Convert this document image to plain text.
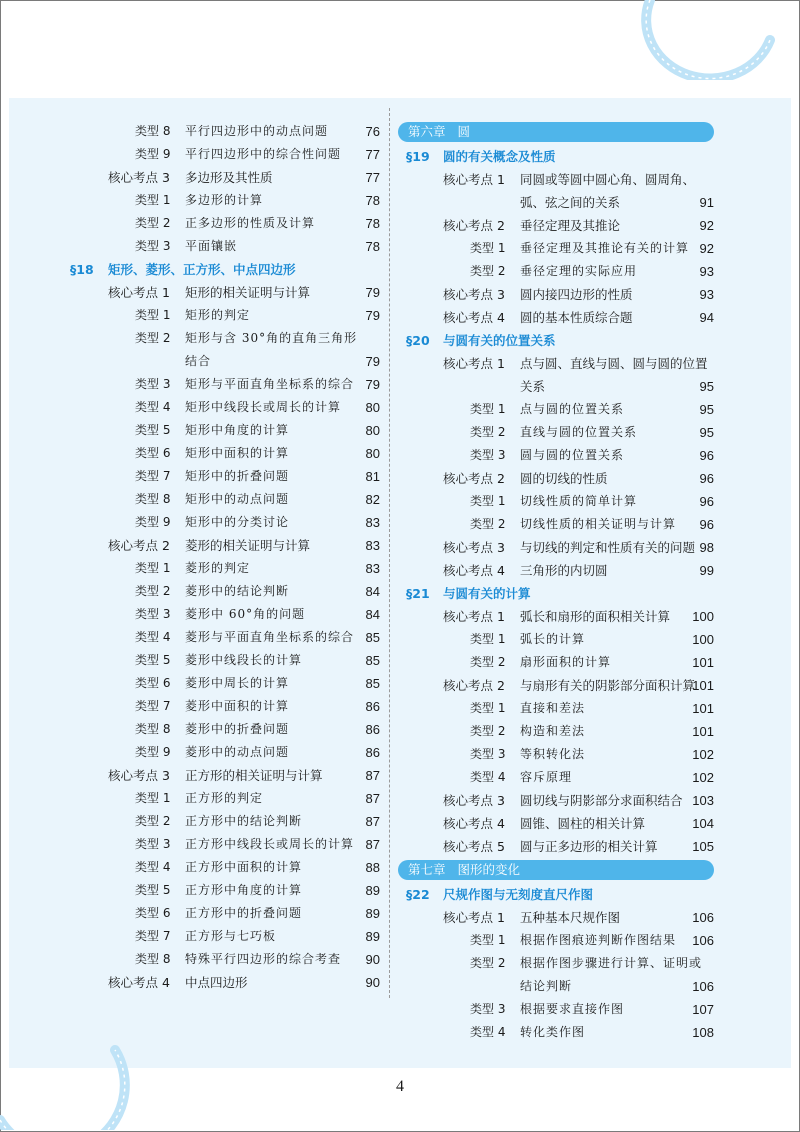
类型 8 平行四边形中的动点问题	76
类型 9 平行四边形中的综合性问题 77
核心考点 3 多边形及其性质	77
类型 1 多边形的计算	78
类型 2 正多边形的性质及计算	78
类型 3 平面镶嵌	78
§18 矩形、菱形、正方形、中点四边形
核心考点 1 矩形的相关证明与计算	79
类型 1 矩形的判定	79
类型 2 矩形与含 30°角的直角三角形
结合	79
类型 3 矩形与平面直角坐标系的综合 79
类型 4 矩形中线段长或周长的计算 80
类型 5 矩形中角度的计算	80
类型 6 矩形中面积的计算	80
类型 7 矩形中的折叠问题	81
类型 8 矩形中的动点问题	82
类型 9 矩形中的分类讨论	83
核心考点 2 菱形的相关证明与计算	83
类型 1 菱形的判定	83
类型 2 菱形中的结论判断	84
类型 3 菱形中 60°角的问题	84
类型 4 菱形与平面直角坐标系的综合 85
类型 5 菱形中线段长的计算	85
类型 6 菱形中周长的计算	85
类型 7 菱形中面积的计算	86
类型 8 菱形中的折叠问题	86
类型 9 菱形中的动点问题	86
核心考点 3 正方形的相关证明与计算	87
类型 1 正方形的判定	87
类型 2 正方形中的结论判断	87
类型 3 正方形中线段长或周长的计算 87
类型 4 正方形中面积的计算	88
类型 5 正方形中角度的计算	89
类型 6 正方形中的折叠问题	89
类型 7 正方形与七巧板	89
类型 8 特殊平行四边形的综合考查 90
核心考点 4 中点四边形	90
第六章 圆
§19 圆的有关概念及性质
核心考点 1 同圆或等圆中圆心角、圆周角、
弧、弦之间的关系	91
核心考点 2 垂径定理及其推论	92
类型 1 垂径定理及其推论有关的计算 92
类型 2 垂径定理的实际应用	93
核心考点 3 圆内接四边形的性质	93
核心考点 4 圆的基本性质综合题	94
§20 与圆有关的位置关系
核心考点 1 点与圆、直线与圆、圆与圆的位置
关系	95
类型 1 点与圆的位置关系	95
类型 2 直线与圆的位置关系	95
类型 3 圆与圆的位置关系	96
核心考点 2 圆的切线的性质	96
类型 1 切线性质的简单计算	96
类型 2 切线性质的相关证明与计算 96
核心考点 3 与切线的判定和性质有关的问题 98
核心考点 4 三角形的内切圆	99
§21 与圆有关的计算
核心考点 1 弧长和扇形的面积相关计算 100
类型 1 弧长的计算	100
类型 2 扇形面积的计算	101
核心考点 2 与扇形有关的阴影部分面积计算
101
类型 1 直接和差法	101
类型 2 构造和差法	101
类型 3 等积转化法	102
类型 4 容斥原理	102
核心考点 3 圆切线与阴影部分求面积结合 103
核心考点 4 圆锥、圆柱的相关计算	104
核心考点 5 圆与正多边形的相关计算	105
第七章 图形的变化
§22 尺规作图与无刻度直尺作图
核心考点 1 五种基本尺规作图	106
类型 1 根据作图痕迹判断作图结果 106
类型 2 根据作图步骤进行计算、证明或
结论判断	106
类型 3 根据要求直接作图	107
类型 4 转化类作图	108
4
